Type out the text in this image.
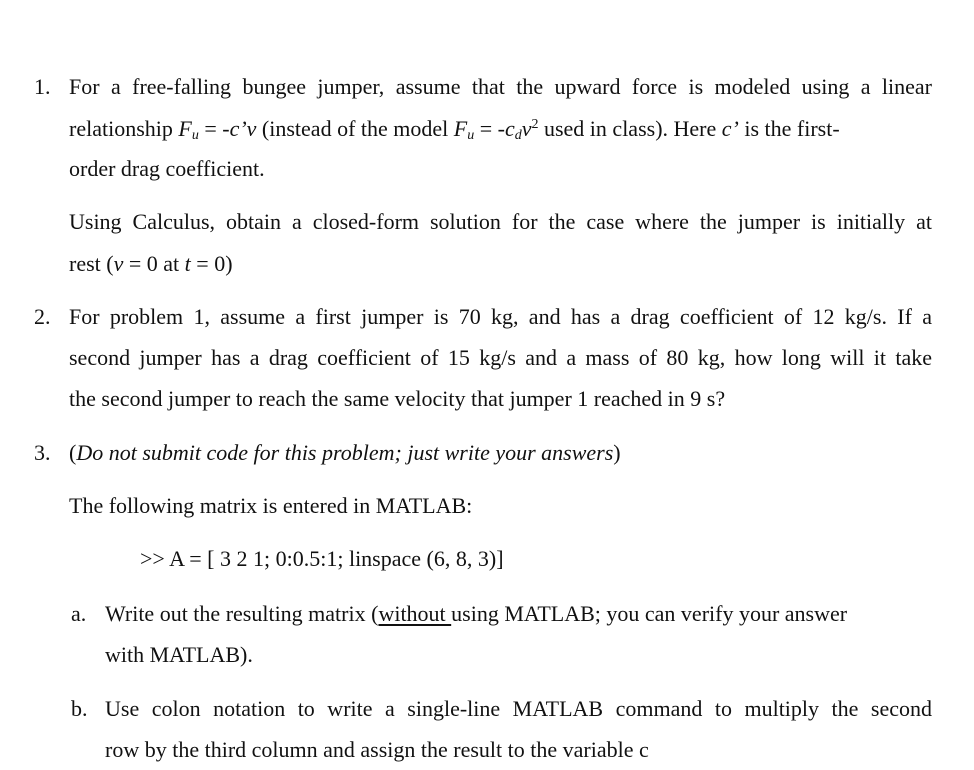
1. For a free-falling bungee jumper, assume that the upward force is modeled using a linear
relationship $F_u$ = -c’v (instead of the model $F_u = -c_dv^2$ used in class). Here c’ is the first-
order drag coefficient.
Using Calculus, obtain a closed-form solution for the case where the jumper is initially at
rest (v = 0 at t = 0)
2. For problem 1, assume a first jumper is 70 kg, and has a drag coefficient of 12 kg/s. If a
second jumper has a drag coefficient of 15 kg/s and a mass of 80 kg, how long will it take
the second jumper to reach the same velocity that jumper 1 reached in 9 s?
3. (Do not submit code for this problem; just write your answers)
The following matrix is entered in MATLAB:
>> A = [ 3 2 1; 0:0.5:1; linspace (6, 8, 3)]
a. Write out the resulting matrix (without using MATLAB; you can verify your answer
with MATLAB).
b. Use colon notation to write a single-line MATLAB command to multiply the second
row by the third column and assign the result to the variable c
